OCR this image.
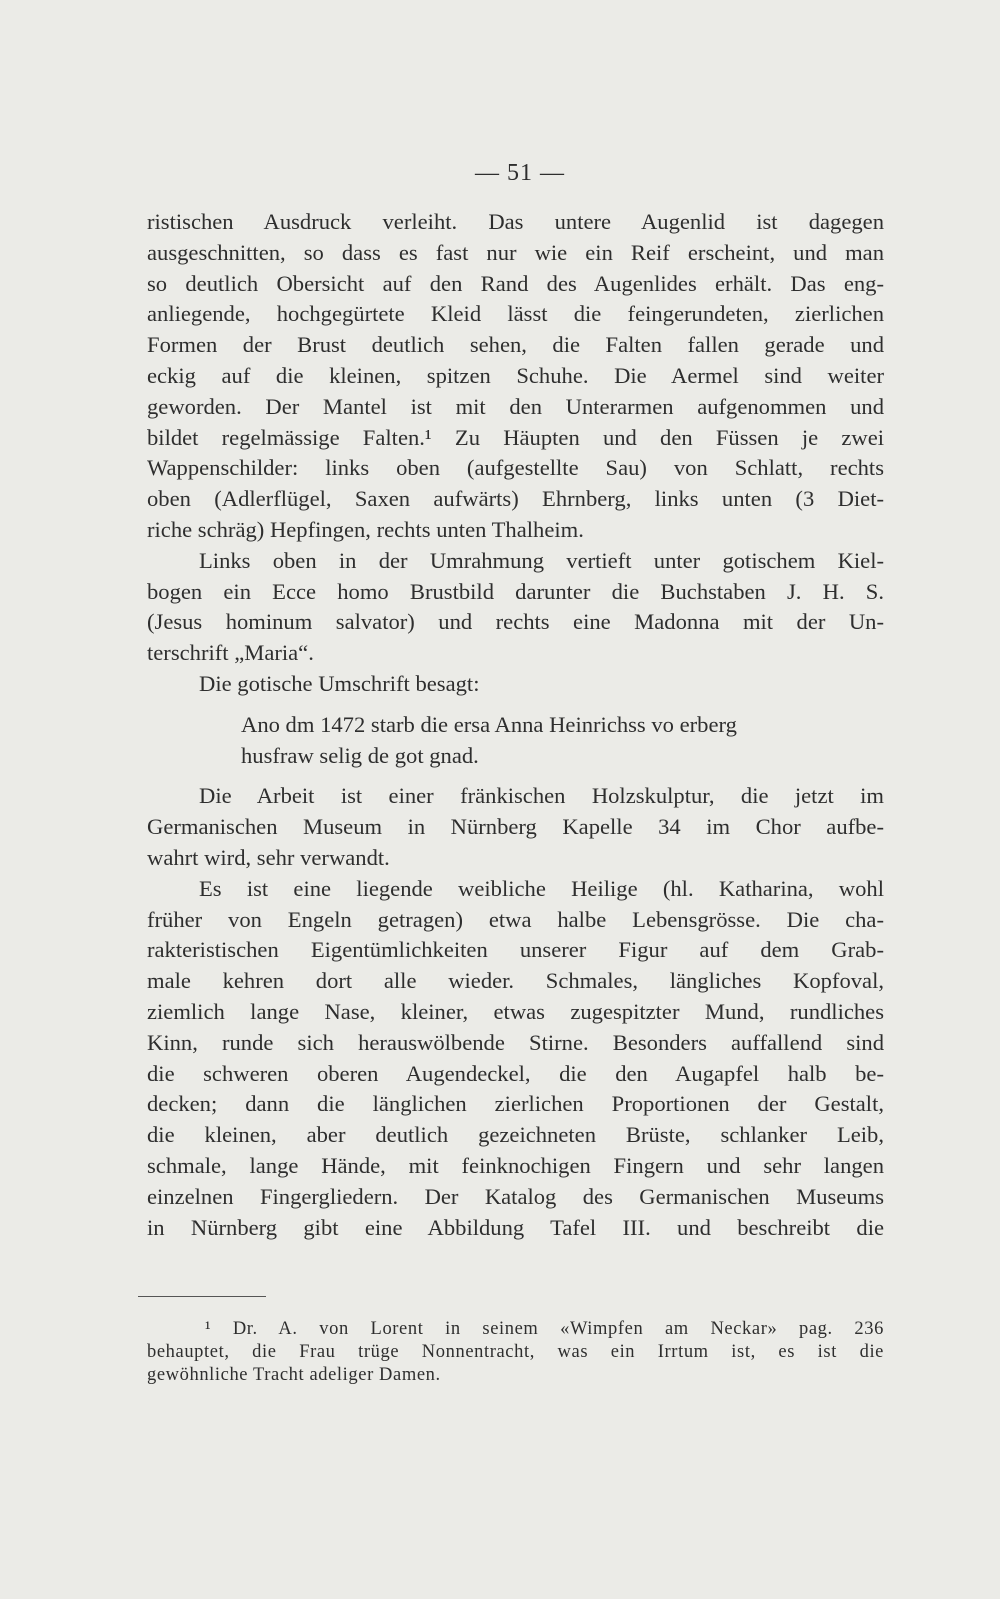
— 51 —
ristischen Ausdruck verleiht. Das untere Augenlid ist dagegen
ausgeschnitten, so dass es fast nur wie ein Reif erscheint, und man
so deutlich Obersicht auf den Rand des Augenlides erhält. Das eng-
anliegende, hochgegürtete Kleid lässt die feingerundeten, zierlichen
Formen der Brust deutlich sehen, die Falten fallen gerade und
eckig auf die kleinen, spitzen Schuhe. Die Aermel sind weiter
geworden. Der Mantel ist mit den Unterarmen aufgenommen und
bildet regelmässige Falten.¹ Zu Häupten und den Füssen je zwei
Wappenschilder: links oben (aufgestellte Sau) von Schlatt, rechts
oben (Adlerflügel, Saxen aufwärts) Ehrnberg, links unten (3 Diet-
riche schräg) Hepfingen, rechts unten Thalheim.
Links oben in der Umrahmung vertieft unter gotischem Kiel-
bogen ein Ecce homo Brustbild darunter die Buchstaben J. H. S.
(Jesus hominum salvator) und rechts eine Madonna mit der Un-
terschrift „Maria“.
Die gotische Umschrift besagt:
Ano dm 1472 starb die ersa Anna Heinrichss vo erberg
husfraw selig de got gnad.
Die Arbeit ist einer fränkischen Holzskulptur, die jetzt im
Germanischen Museum in Nürnberg Kapelle 34 im Chor aufbe-
wahrt wird, sehr verwandt.
Es ist eine liegende weibliche Heilige (hl. Katharina, wohl
früher von Engeln getragen) etwa halbe Lebensgrösse. Die cha-
rakteristischen Eigentümlichkeiten unserer Figur auf dem Grab-
male kehren dort alle wieder. Schmales, längliches Kopfoval,
ziemlich lange Nase, kleiner, etwas zugespitzter Mund, rundliches
Kinn, runde sich herauswölbende Stirne. Besonders auffallend sind
die schweren oberen Augendeckel, die den Augapfel halb be-
decken; dann die länglichen zierlichen Proportionen der Gestalt,
die kleinen, aber deutlich gezeichneten Brüste, schlanker Leib,
schmale, lange Hände, mit feinknochigen Fingern und sehr langen
einzelnen Fingergliedern. Der Katalog des Germanischen Museums
in Nürnberg gibt eine Abbildung Tafel III. und beschreibt die
¹ Dr. A. von Lorent in seinem «Wimpfen am Neckar» pag. 236
behauptet, die Frau trüge Nonnentracht, was ein Irrtum ist, es ist die
gewöhnliche Tracht adeliger Damen.
